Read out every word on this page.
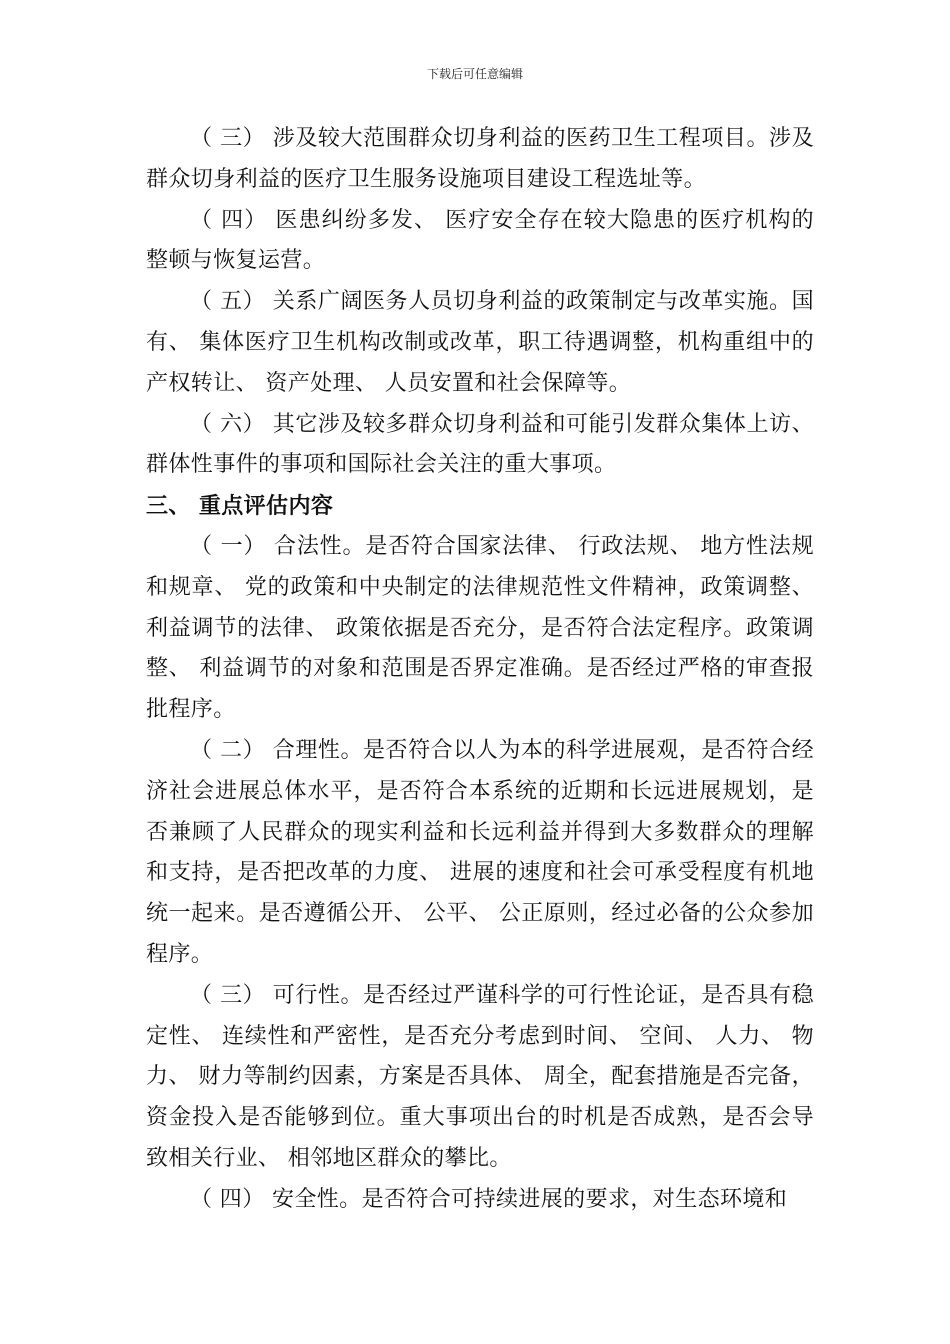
下载后可任意编辑

（ 三） 涉及较大范围群众切身利益的医药卫生工程项目。涉及群众切身利益的医疗卫生服务设施项目建设工程选址等。

（ 四） 医患纠纷多发、 医疗安全存在较大隐患的医疗机构的整顿与恢复运营。

（ 五） 关系广阔医务人员切身利益的政策制定与改革实施。国有、 集体医疗卫生机构改制或改革，职工待遇调整，机构重组中的产权转让、 资产处理、 人员安置和社会保障等。

（ 六） 其它涉及较多群众切身利益和可能引发群众集体上访、 群体性事件的事项和国际社会关注的重大事项。

三、 重点评估内容

（ 一） 合法性。是否符合国家法律、 行政法规、 地方性法规和规章、 党的政策和中央制定的法律规范性文件精神，政策调整、 利益调节的法律、 政策依据是否充分，是否符合法定程序。政策调整、 利益调节的对象和范围是否界定准确。是否经过严格的审查报批程序。

（ 二） 合理性。是否符合以人为本的科学进展观，是否符合经济社会进展总体水平，是否符合本系统的近期和长远进展规划，是否兼顾了人民群众的现实利益和长远利益并得到大多数群众的理解和支持，是否把改革的力度、 进展的速度和社会可承受程度有机地统一起来。是否遵循公开、 公平、 公正原则，经过必备的公众参加程序。

（ 三） 可行性。是否经过严谨科学的可行性论证，是否具有稳定性、 连续性和严密性，是否充分考虑到时间、 空间、 人力、 物力、 财力等制约因素，方案是否具体、 周全，配套措施是否完备，资金投入是否能够到位。重大事项出台的时机是否成熟，是否会导致相关行业、 相邻地区群众的攀比。

（ 四） 安全性。是否符合可持续进展的要求，对生态环境和
